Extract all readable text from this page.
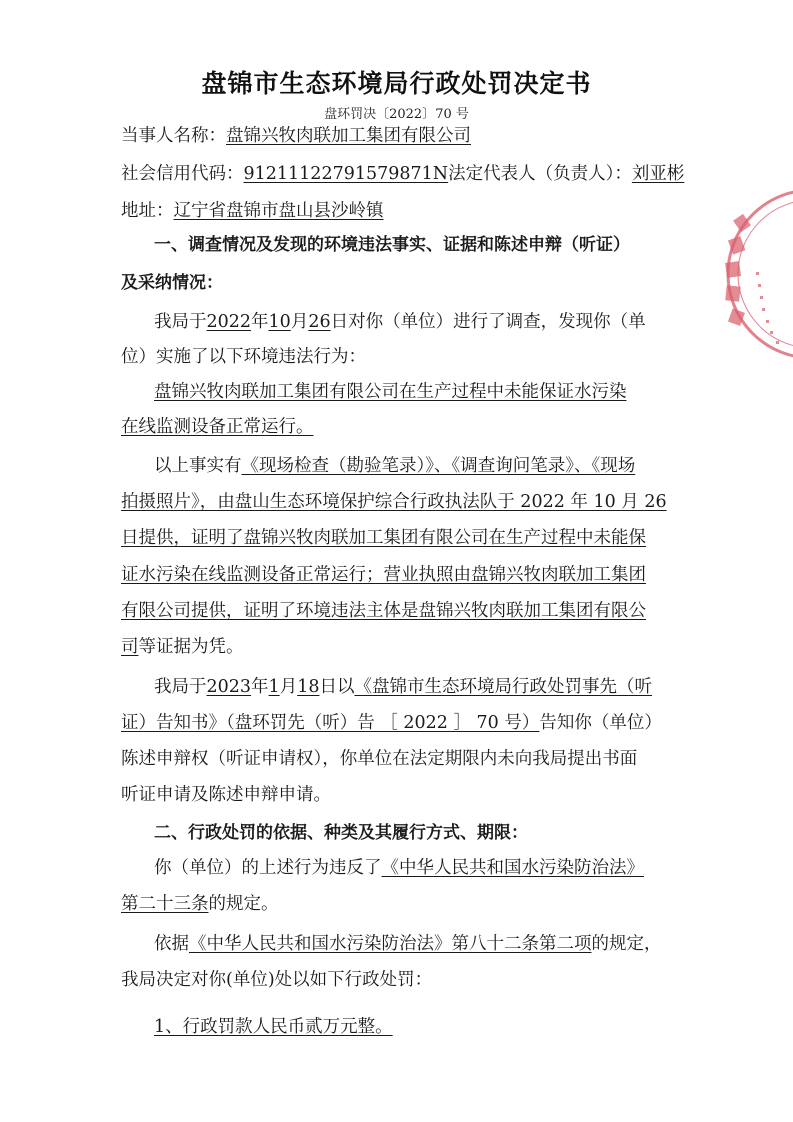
盘锦市生态环境局行政处罚决定书
盘环罚决〔2022〕70 号
当事人名称：盘锦兴牧肉联加工集团有限公司
社会信用代码：91211122791579871N法定代表人（负责人）：刘亚彬
地址：辽宁省盘锦市盘山县沙岭镇
一、调查情况及发现的环境违法事实、证据和陈述申辩（听证）
及采纳情况：
我局于2022年10月26日对你（单位）进行了调查，发现你（单
位）实施了以下环境违法行为：
盘锦兴牧肉联加工集团有限公司在生产过程中未能保证水污染
在线监测设备正常运行。
以上事实有《现场检查（勘验笔录）》、《调查询问笔录》、《现场
拍摄照片》，由盘山生态环境保护综合行政执法队于 2022 年 10 月 26
日提供，证明了盘锦兴牧肉联加工集团有限公司在生产过程中未能保
证水污染在线监测设备正常运行；营业执照由盘锦兴牧肉联加工集团
有限公司提供，证明了环境违法主体是盘锦兴牧肉联加工集团有限公
司等证据为凭。
我局于2023年1月18日以《盘锦市生态环境局行政处罚事先（听
证）告知书》（盘环罚先（听）告 ［ 2022 ］ 70 号）告知你（单位）
陈述申辩权（听证申请权），你单位在法定期限内未向我局提出书面
听证申请及陈述申辩申请。
二、行政处罚的依据、种类及其履行方式、期限：
你（单位）的上述行为违反了《中华人民共和国水污染防治法》
第二十三条的规定。
依据《中华人民共和国水污染防治法》第八十二条第二项的规定，
我局决定对你(单位)处以如下行政处罚：
1、行政罚款人民币贰万元整。
